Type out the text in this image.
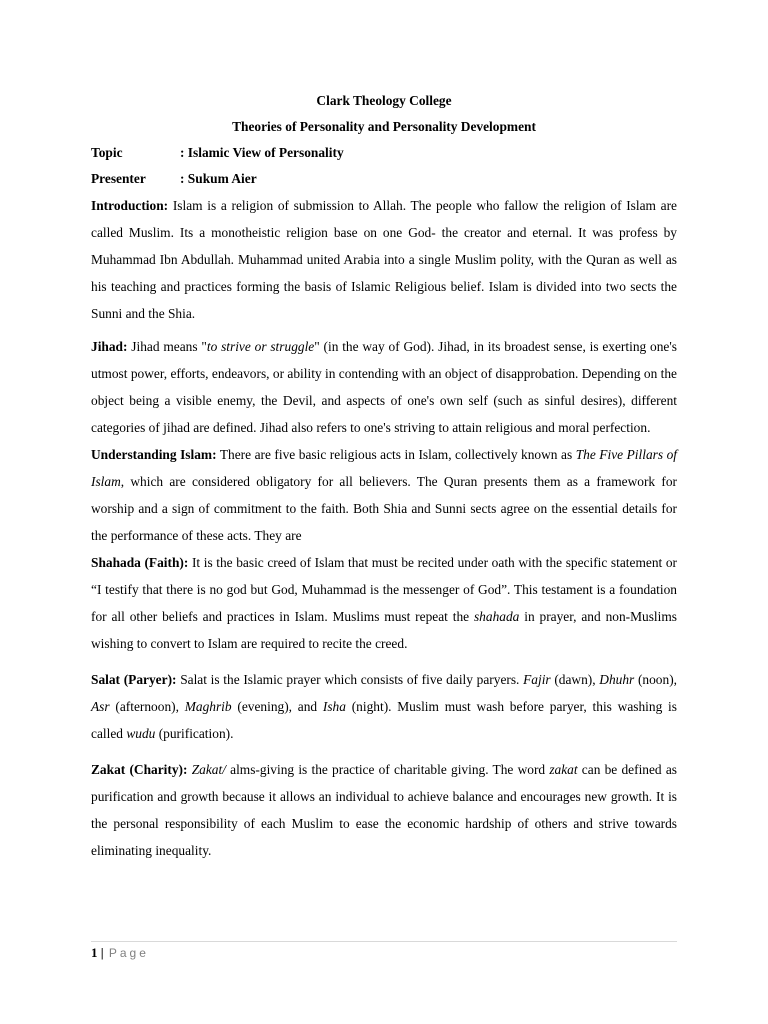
Clark Theology College

Theories of Personality and Personality Development

Topic	: Islamic View of Personality
Presenter	: Sukum Aier

Introduction: Islam is a religion of submission to Allah. The people who fallow the religion of Islam are called Muslim. Its a monotheistic religion base on one God- the creator and eternal. It was profess by Muhammad Ibn Abdullah. Muhammad united Arabia into a single Muslim polity, with the Quran as well as his teaching and practices forming the basis of Islamic Religious belief. Islam is divided into two sects the Sunni and the Shia.

Jihad: Jihad means "to strive or struggle" (in the way of God). Jihad, in its broadest sense, is exerting one's utmost power, efforts, endeavors, or ability in contending with an object of disapprobation. Depending on the object being a visible enemy, the Devil, and aspects of one's own self (such as sinful desires), different categories of jihad are defined. Jihad also refers to one's striving to attain religious and moral perfection.

Understanding Islam: There are five basic religious acts in Islam, collectively known as The Five Pillars of Islam, which are considered obligatory for all believers. The Quran presents them as a framework for worship and a sign of commitment to the faith. Both Shia and Sunni sects agree on the essential details for the performance of these acts. They are

Shahada (Faith): It is the basic creed of Islam that must be recited under oath with the specific statement or “I testify that there is no god but God, Muhammad is the messenger of God”. This testament is a foundation for all other beliefs and practices in Islam. Muslims must repeat the shahada in prayer, and non-Muslims wishing to convert to Islam are required to recite the creed.

Salat (Paryer): Salat is the Islamic prayer which consists of five daily paryers. Fajir (dawn), Dhuhr (noon), Asr (afternoon), Maghrib (evening), and Isha (night). Muslim must wash before paryer, this washing is called wudu (purification).

Zakat (Charity): Zakat/ alms-giving is the practice of charitable giving. The word zakat can be defined as purification and growth because it allows an individual to achieve balance and encourages new growth. It is the personal responsibility of each Muslim to ease the economic hardship of others and strive towards eliminating inequality.

1 | Page
